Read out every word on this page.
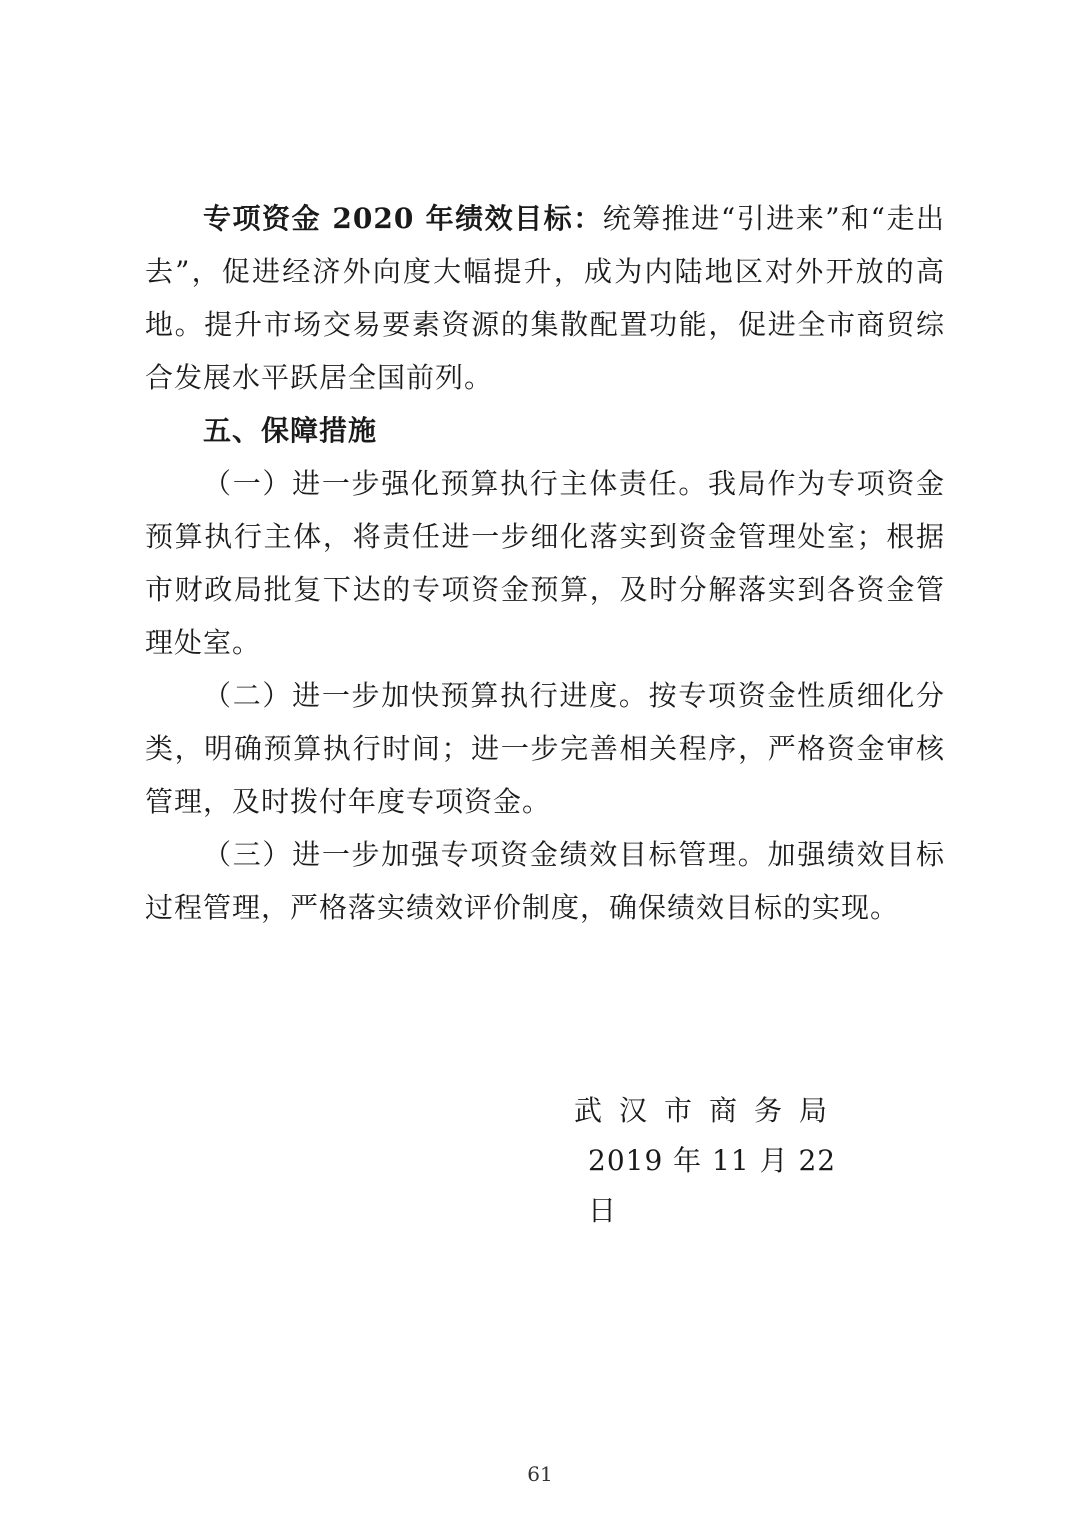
专项资金 2020 年绩效目标：统筹推进“引进来”和“走出去”，促进经济外向度大幅提升，成为内陆地区对外开放的高地。提升市场交易要素资源的集散配置功能，促进全市商贸综合发展水平跃居全国前列。

五、保障措施

（一）进一步强化预算执行主体责任。我局作为专项资金预算执行主体，将责任进一步细化落实到资金管理处室；根据市财政局批复下达的专项资金预算，及时分解落实到各资金管理处室。

（二）进一步加快预算执行进度。按专项资金性质细化分类，明确预算执行时间；进一步完善相关程序，严格资金审核管理，及时拨付年度专项资金。

（三）进一步加强专项资金绩效目标管理。加强绩效目标过程管理，严格落实绩效评价制度，确保绩效目标的实现。

武汉市商务局

2019 年 11 月 22 日

61
